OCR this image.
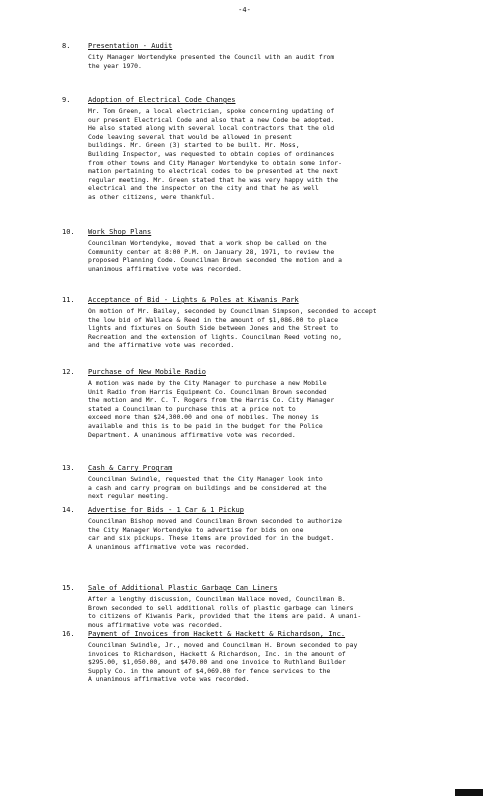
-4-
8.	Presentation - Audit
City Manager Wortendyke presented the Council with an audit from
the year 1970.
9.	Adoption of Electrical Code Changes
Mr. Tom Green, a local electrician, spoke concerning updating of
our present Electrical Code and also that a new Code be adopted.
He also stated along with several local contractors that the old
Code leaving several that would be allowed in present
buildings. Mr. Green (3) started to be built. Mr. Moss,
Building Inspector, was requested to obtain copies of ordinances
from other towns and City Manager Wortendyke to obtain some infor-
mation pertaining to electrical codes to be presented at the next
regular meeting. Mr. Green stated that he was very happy with the
electrical and the inspector on the city and that he as well
as other citizens, were thankful.
10. Work Shop Plans
Councilman Wortendyke, moved that a work shop be called on the
Community center at 8:00 P.M. on January 28, 1971, to review the
proposed Planning Code. Councilman Brown seconded the motion and a
unanimous affirmative vote was recorded.
11. Acceptance of Bid - Lights & Poles at Kiwanis Park
On motion of Mr. Bailey, seconded by Councilman Simpson, seconded to accept
the low bid of Wallace & Reed in the amount of $1,086.00 to place
lights and fixtures on South Side between Jones and the Street to
Recreation and the extension of lights. Councilman Reed voting no,
and the affirmative vote was recorded.
12. Purchase of New Mobile Radio
A motion was made by the City Manager to purchase a new Mobile
Unit Radio from Harris Equipment Co. Councilman Brown seconded
the motion and Mr. C. T. Rogers from the Harris Co. City Manager
stated a Councilman to purchase this at a price not to
exceed more than $24,300.00 and one of mobiles. The money is
available and this is to be paid in the budget for the Police
Department. A unanimous affirmative vote was recorded.
13. Cash & Carry Program
Councilman Swindle, requested that the City Manager look into
a cash and carry program on buildings and be considered at the
next regular meeting.
14. Advertise for Bids - 1 Car & 1 Pickup
Councilman Bishop moved and Councilman Brown seconded to authorize
the City Manager Wortendyke to advertise for bids on one
car and six pickups. These items are provided for in the budget.
A unanimous affirmative vote was recorded.
15. Sale of Additional Plastic Garbage Can Liners
After a lengthy discussion, Councilman Wallace moved, Councilman B.
Brown seconded to sell additional rolls of plastic garbage can liners
to citizens of Kiwanis Park, provided that the items are paid. A unani-
mous affirmative vote was recorded.
16. Payment of Invoices from Hackett & Hackett & Richardson, Inc.
Councilman Swindle, Jr., moved and Councilman H. Brown seconded to pay
invoices to Richardson, Hackett & Richardson, Inc. in the amount of
$295.00, $1,050.00, and $470.00 and one invoice to Ruthland Builder
Supply Co. in the amount of $4,069.00 for fence services to the
A unanimous affirmative vote was recorded.
